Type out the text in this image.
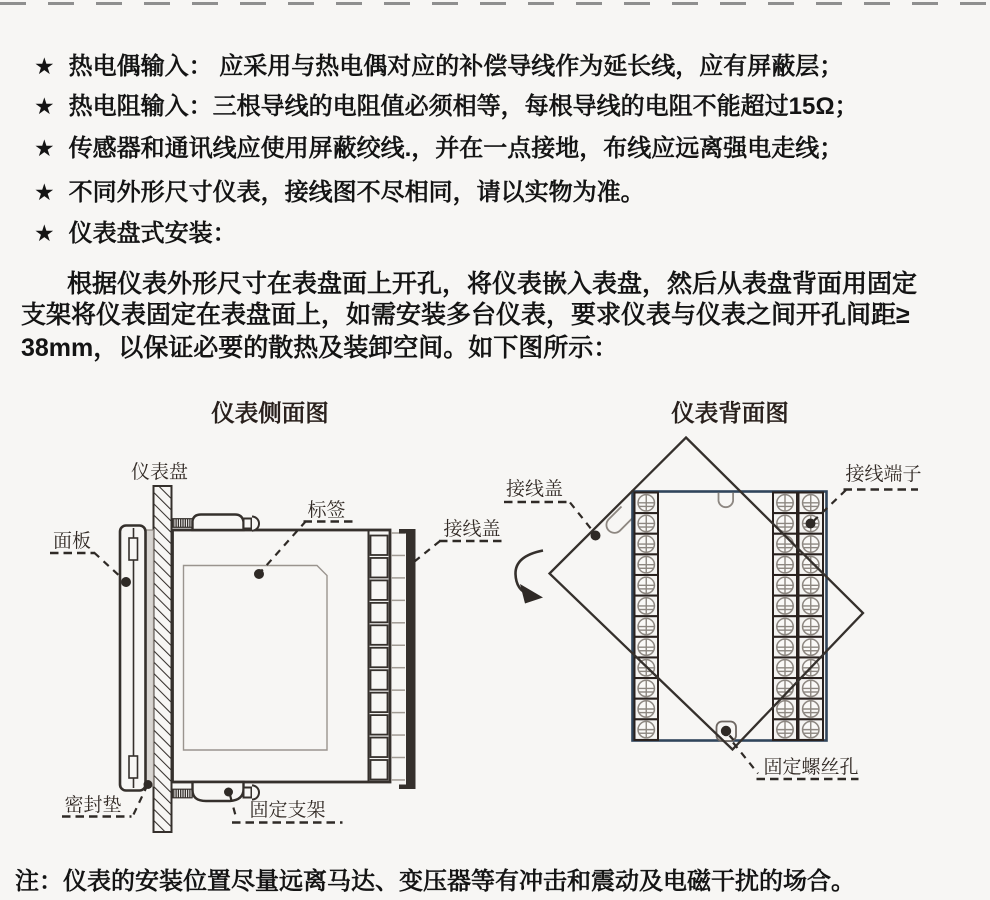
★ 热电偶输入： 应采用与热电偶对应的补偿导线作为延长线，应有屏蔽层；
★ 热电阻输入：三根导线的电阻值必须相等，每根导线的电阻不能超过15Ω；
★ 传感器和通讯线应使用屏蔽绞线.，并在一点接地，布线应远离强电走线；
★ 不同外形尺寸仪表，接线图不尽相同，请以实物为准。
★ 仪表盘式安装：
根据仪表外形尺寸在表盘面上开孔，将仪表嵌入表盘，然后从表盘背面用固定
支架将仪表固定在表盘面上，如需安装多台仪表，要求仪表与仪表之间开孔间距≥
38mm，以保证必要的散热及装卸空间。如下图所示：
仪表侧面图	仪表背面图
仪表盘
面板
标签
接线盖
密封垫	固定支架
接线盖
接线端子
固定螺丝孔
注：仪表的安装位置尽量远离马达、变压器等有冲击和震动及电磁干扰的场合。
